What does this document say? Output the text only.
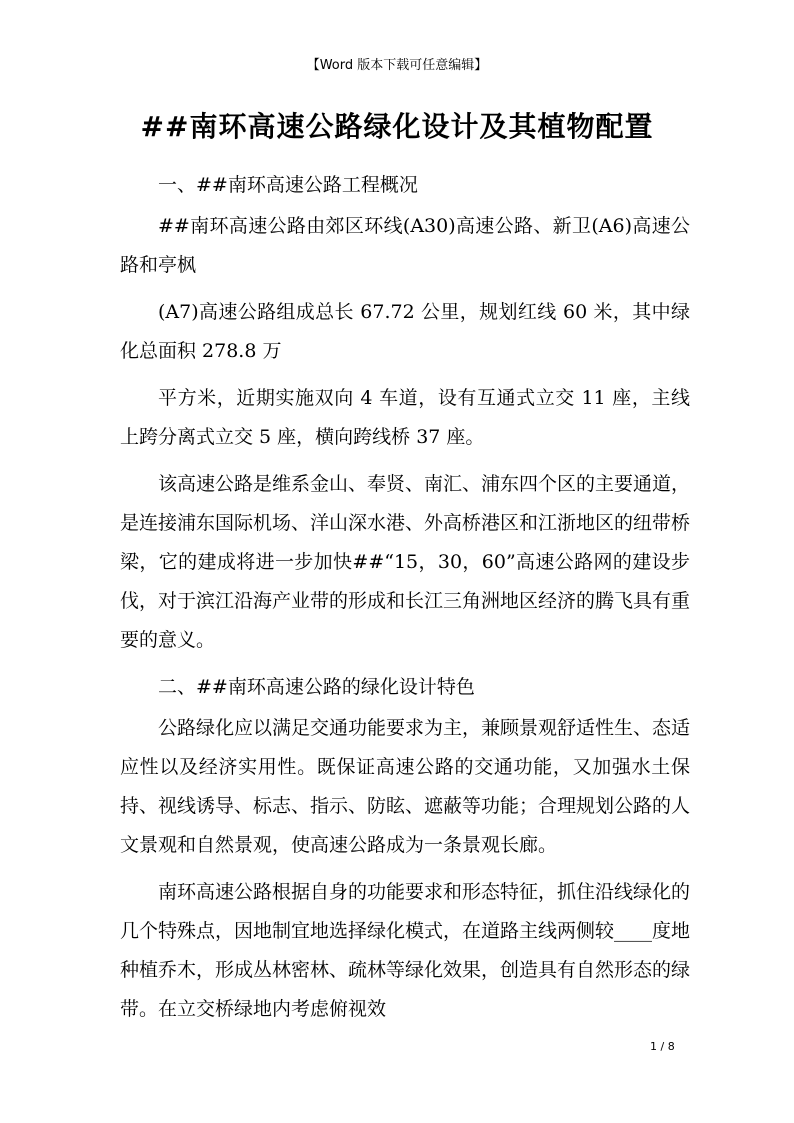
【Word 版本下载可任意编辑】
##南环高速公路绿化设计及其植物配置

一、##南环高速公路工程概况

##南环高速公路由郊区环线(A30)高速公路、新卫(A6)高速公路和亭枫

(A7)高速公路组成总长 67.72 公里，规划红线 60 米，其中绿化总面积 278.8 万

平方米，近期实施双向 4 车道，设有互通式立交 11 座，主线上跨分离式立交 5 座，横向跨线桥 37 座。

该高速公路是维系金山、奉贤、南汇、浦东四个区的主要通道，是连接浦东国际机场、洋山深水港、外高桥港区和江浙地区的纽带桥梁，它的建成将进一步加快##“15，30，60”高速公路网的建设步伐，对于滨江沿海产业带的形成和长江三角洲地区经济的腾飞具有重要的意义。

二、##南环高速公路的绿化设计特色

公路绿化应以满足交通功能要求为主，兼顾景观舒适性生、态适应性以及经济实用性。既保证高速公路的交通功能，又加强水土保持、视线诱导、标志、指示、防眩、遮蔽等功能；合理规划公路的人文景观和自然景观，使高速公路成为一条景观长廊。

南环高速公路根据自身的功能要求和形态特征，抓住沿线绿化的几个特殊点，因地制宜地选择绿化模式，在道路主线两侧较____度地种植乔木，形成丛林密林、疏林等绿化效果，创造具有自然形态的绿带。在立交桥绿地内考虑俯视效

1 / 8
